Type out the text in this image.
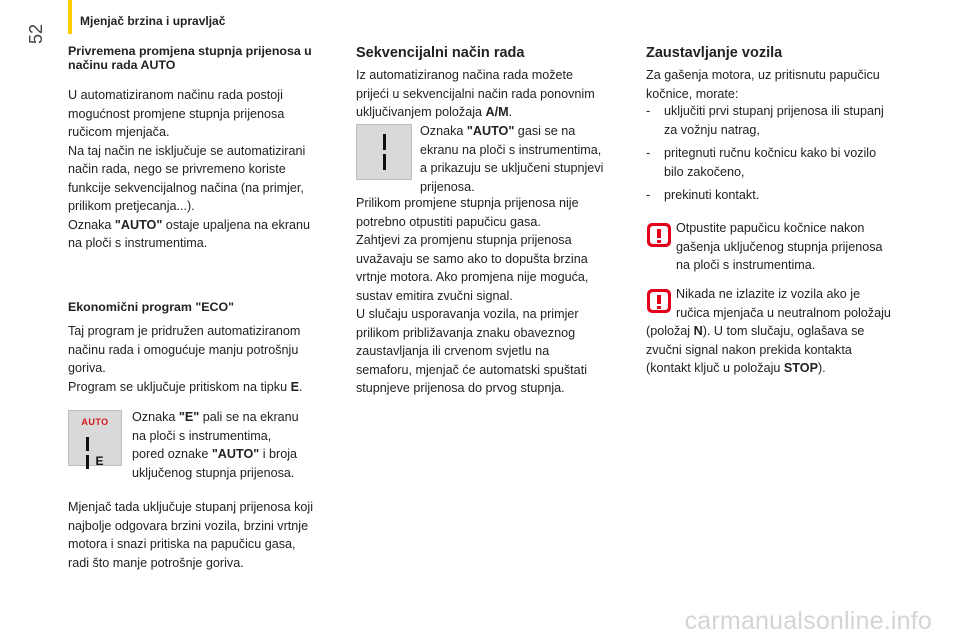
52
Mjenjač brzina i upravljač
Privremena promjena stupnja prijenosa u načinu rada AUTO

U automatiziranom načinu rada postoji

mogućnost promjene stupnja prijenosa

ručicom mjenjača.

Na taj način ne isključuje se automatizirani

način rada, nego se privremeno koriste

funkcije sekvencijalnog načina (na primjer,

prilikom pretjecanja...).

Oznaka "AUTO" ostaje upaljena na ekranu

na ploči s instrumentima.

Ekonomični program "ECO"

Taj program je pridružen automatiziranom

načinu rada i omogućuje manju potrošnju

goriva.

Program se uključuje pritiskom na tipku E.

AUTO
E

Oznaka "E" pali se na ekranu

na ploči s instrumentima,

pored oznake "AUTO" i broja

uključenog stupnja prijenosa.

Mjenjač tada uključuje stupanj prijenosa koji

najbolje odgovara brzini vozila, brzini vrtnje

motora i snazi pritiska na papučicu gasa,

radi što manje potrošnje goriva.

Sekvencijalni način rada

Iz automatiziranog načina rada možete

prijeći u sekvencijalni način rada ponovnim

uključivanjem položaja A/M.

Oznaka "AUTO" gasi se na

ekranu na ploči s instrumentima,

a prikazuju se uključeni stupnjevi

prijenosa.

Prilikom promjene stupnja prijenosa nije

potrebno otpustiti papučicu gasa.

Zahtjevi za promjenu stupnja prijenosa

uvažavaju se samo ako to dopušta brzina

vrtnje motora. Ako promjena nije moguća,

sustav emitira zvučni signal.

U slučaju usporavanja vozila, na primjer

prilikom približavanja znaku obaveznog

zaustavljanja ili crvenom svjetlu na

semaforu, mjenjač će automatski spuštati

stupnjeve prijenosa do prvog stupnja.

Zaustavljanje vozila

Za gašenja motora, uz pritisnutu papučicu

kočnice, morate:

- uključiti prvi stupanj prijenosa ili stupanj

za vožnju natrag,

- pritegnuti ručnu kočnicu kako bi vozilo

bilo zakočeno,

- prekinuti kontakt.

Otpustite papučicu kočnice nakon

gašenja uključenog stupnja prijenosa

na ploči s instrumentima.

Nikada ne izlazite iz vozila ako je

ručica mjenjača u neutralnom položaju

(položaj N). U tom slučaju, oglašava se

zvučni signal nakon prekida kontakta

(kontakt ključ u položaju STOP).

carmanualsonline.info
